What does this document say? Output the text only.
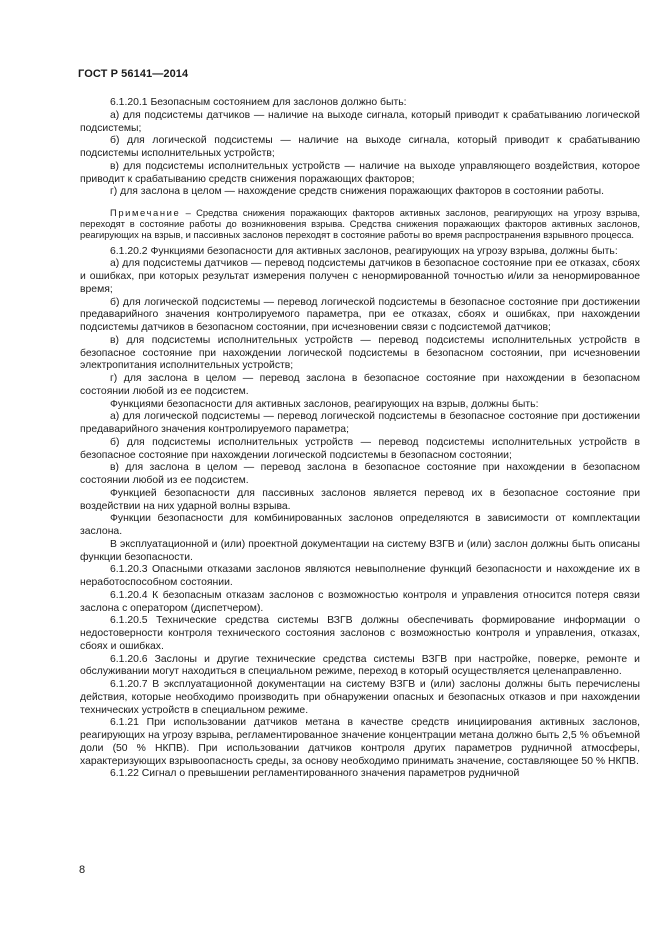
ГОСТ Р 56141—2014

6.1.20.1 Безопасным состоянием для заслонов должно быть:

а) для подсистемы датчиков — наличие на выходе сигнала, который приводит к срабатыванию логической подсистемы;

б) для логической подсистемы — наличие на выходе сигнала, который приводит к срабатыванию подсистемы исполнительных устройств;

в) для подсистемы исполнительных устройств — наличие на выходе управляющего воздействия, которое приводит к срабатыванию средств снижения поражающих факторов;

г) для заслона в целом — нахождение средств снижения поражающих факторов в состоянии работы.

Примечание – Средства снижения поражающих факторов активных заслонов, реагирующих на угрозу взрыва, переходят в состояние работы до возникновения взрыва. Средства снижения поражающих факторов активных заслонов, реагирующих на взрыв, и пассивных заслонов переходят в состояние работы во время распространения взрывного процесса.

6.1.20.2 Функциями безопасности для активных заслонов, реагирующих на угрозу взрыва, должны быть:

а) для подсистемы датчиков — перевод подсистемы датчиков в безопасное состояние при ее отказах, сбоях и ошибках, при которых результат измерения получен с ненормированной точностью и/или за ненормированное время;

б) для логической подсистемы — перевод логической подсистемы в безопасное состояние при достижении предаварийного значения контролируемого параметра, при ее отказах, сбоях и ошибках, при нахождении подсистемы датчиков в безопасном состоянии, при исчезновении связи с подсистемой датчиков;

в) для подсистемы исполнительных устройств — перевод подсистемы исполнительных устройств в безопасное состояние при нахождении логической подсистемы в безопасном состоянии, при исчезновении электропитания исполнительных устройств;

г) для заслона в целом — перевод заслона в безопасное состояние при нахождении в безопасном состоянии любой из ее подсистем.

Функциями безопасности для активных заслонов, реагирующих на взрыв, должны быть:

а) для логической подсистемы — перевод логической подсистемы в безопасное состояние при достижении предаварийного значения контролируемого параметра;

б) для подсистемы исполнительных устройств — перевод подсистемы исполнительных устройств в безопасное состояние при нахождении логической подсистемы в безопасном состоянии;

в) для заслона в целом — перевод заслона в безопасное состояние при нахождении в безопасном состоянии любой из ее подсистем.

Функцией безопасности для пассивных заслонов является перевод их в безопасное состояние при воздействии на них ударной волны взрыва.

Функции безопасности для комбинированных заслонов определяются в зависимости от комплектации заслона.

В эксплуатационной и (или) проектной документации на систему ВЗГВ и (или) заслон должны быть описаны функции безопасности.

6.1.20.3 Опасными отказами заслонов являются невыполнение функций безопасности и нахождение их в неработоспособном состоянии.

6.1.20.4 К безопасным отказам заслонов с возможностью контроля и управления относится потеря связи заслона с оператором (диспетчером).

6.1.20.5 Технические средства системы ВЗГВ должны обеспечивать формирование информации о недостоверности контроля технического состояния заслонов с возможностью контроля и управления, отказах, сбоях и ошибках.

6.1.20.6 Заслоны и другие технические средства системы ВЗГВ при настройке, поверке, ремонте и обслуживании могут находиться в специальном режиме, переход в который осуществляется целенаправленно.

6.1.20.7 В эксплуатационной документации на систему ВЗГВ и (или) заслоны должны быть перечислены действия, которые необходимо производить при обнаружении опасных и безопасных отказов и при нахождении технических устройств в специальном режиме.

6.1.21 При использовании датчиков метана в качестве средств инициирования активных заслонов, реагирующих на угрозу взрыва, регламентированное значение концентрации метана должно быть 2,5 % объемной доли (50 % НКПВ). При использовании датчиков контроля других параметров рудничной атмосферы, характеризующих взрывоопасность среды, за основу необходимо принимать значение, составляющее 50 % НКПВ.

6.1.22 Сигнал о превышении регламентированного значения параметров рудничной

8
